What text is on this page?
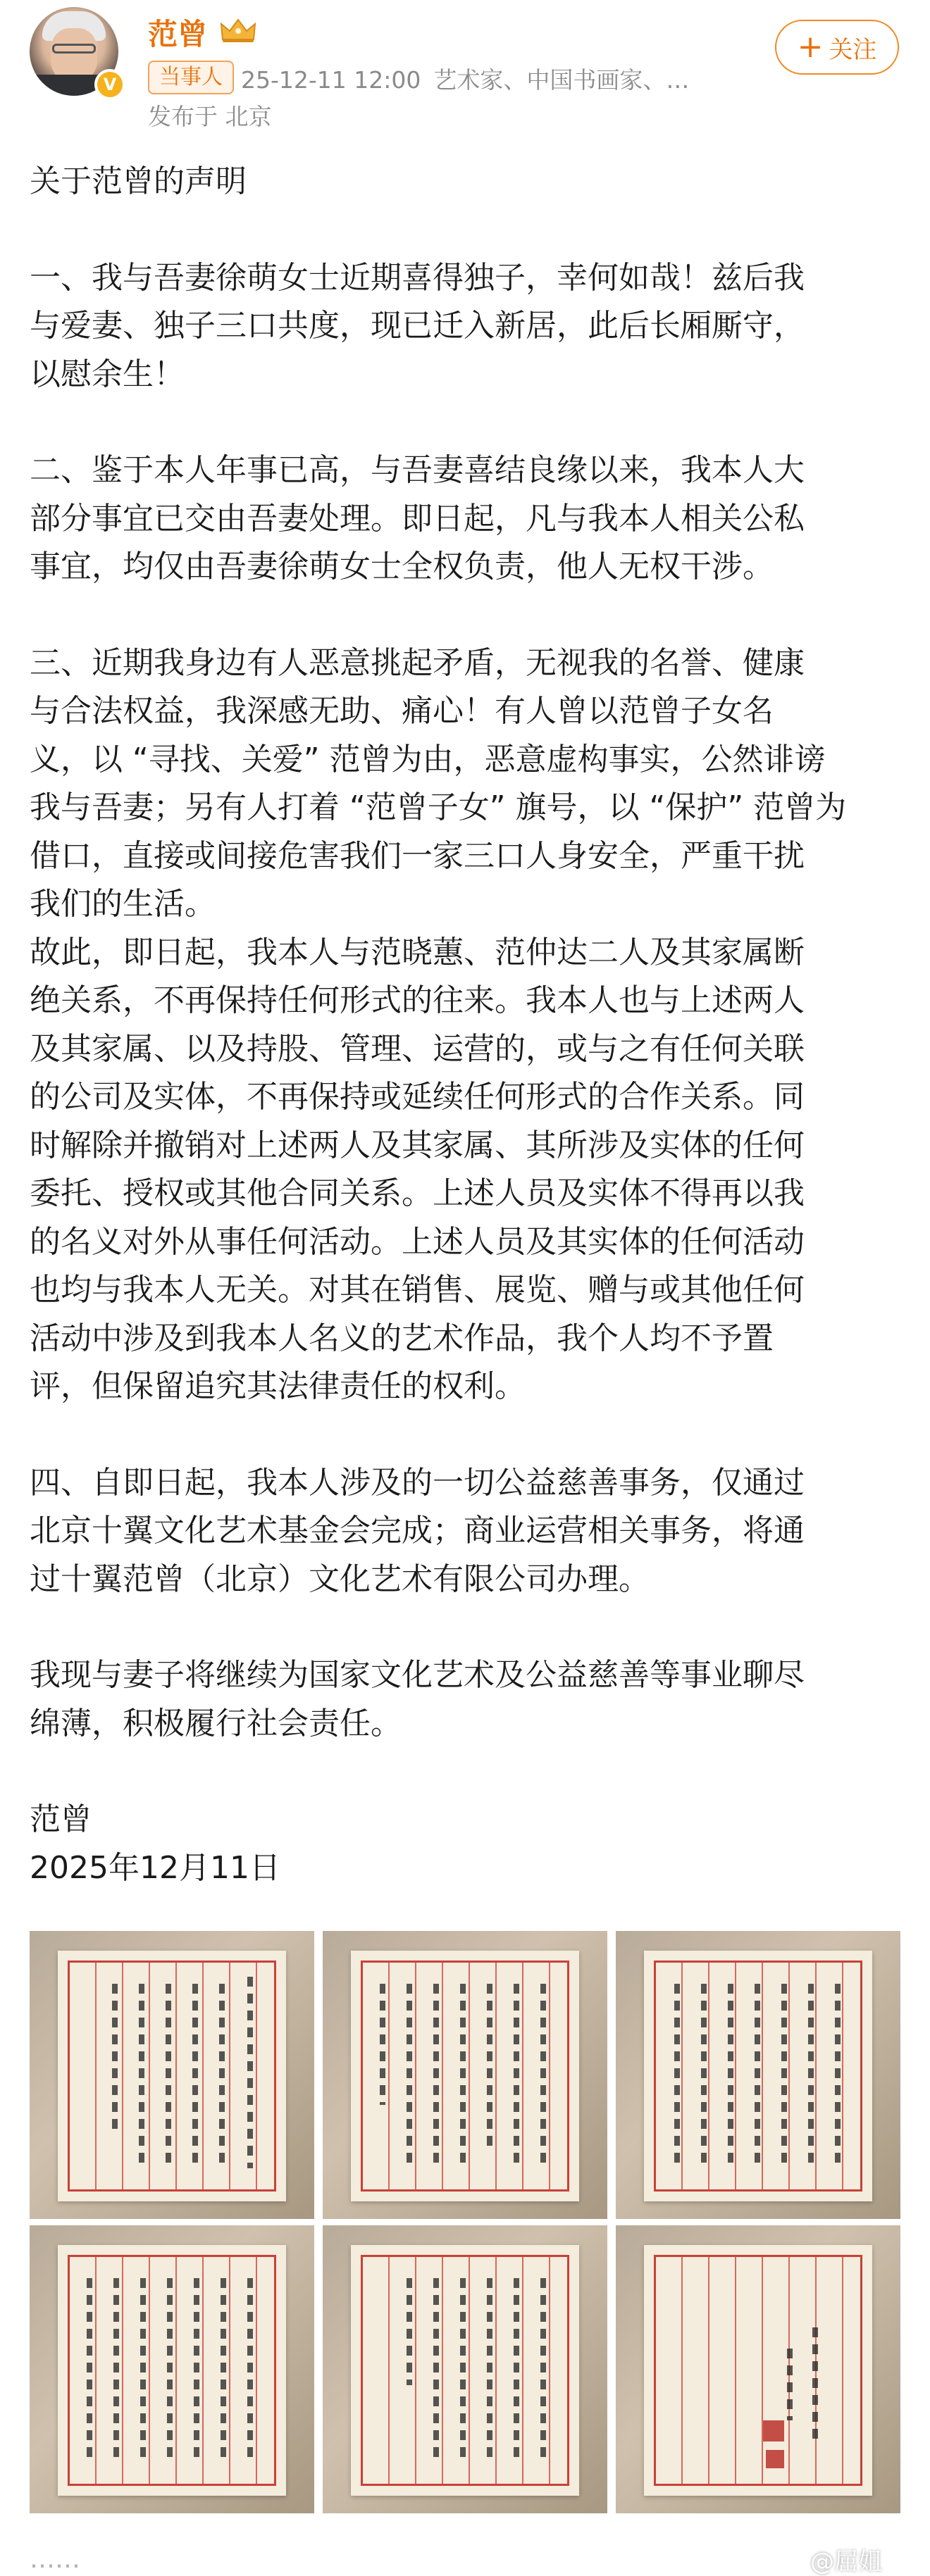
V
范曾
当事人 25-12-11 12:00 艺术家、中国书画家、…
发布于 北京
+ 关注

关于范曾的声明

一、我与吾妻徐萌女士近期喜得独子，幸何如哉！兹后我

与爱妻、独子三口共度，现已迁入新居，此后长厢厮守，

以慰余生！

二、鉴于本人年事已高，与吾妻喜结良缘以来，我本人大

部分事宜已交由吾妻处理。即日起，凡与我本人相关公私

事宜，均仅由吾妻徐萌女士全权负责，他人无权干涉。

三、近期我身边有人恶意挑起矛盾，无视我的名誉、健康

与合法权益，我深感无助、痛心！有人曾以范曾子女名

义，以 “寻找、关爱” 范曾为由，恶意虚构事实，公然诽谤

我与吾妻；另有人打着 “范曾子女” 旗号，以 “保护” 范曾为

借口，直接或间接危害我们一家三口人身安全，严重干扰

我们的生活。

故此，即日起，我本人与范晓蕙、范仲达二人及其家属断

绝关系，不再保持任何形式的往来。我本人也与上述两人

及其家属、以及持股、管理、运营的，或与之有任何关联

的公司及实体，不再保持或延续任何形式的合作关系。同

时解除并撤销对上述两人及其家属、其所涉及实体的任何

委托、授权或其他合同关系。上述人员及实体不得再以我

的名义对外从事任何活动。上述人员及其实体的任何活动

也均与我本人无关。对其在销售、展览、赠与或其他任何

活动中涉及到我本人名义的艺术作品，我个人均不予置

评，但保留追究其法律责任的权利。

四、自即日起，我本人涉及的一切公益慈善事务，仅通过

北京十翼文化艺术基金会完成；商业运营相关事务，将通

过十翼范曾（北京）文化艺术有限公司办理。

我现与妻子将继续为国家文化艺术及公益慈善等事业聊尽

绵薄，积极履行社会责任。

范曾

2025年12月11日

……	@屈姐
